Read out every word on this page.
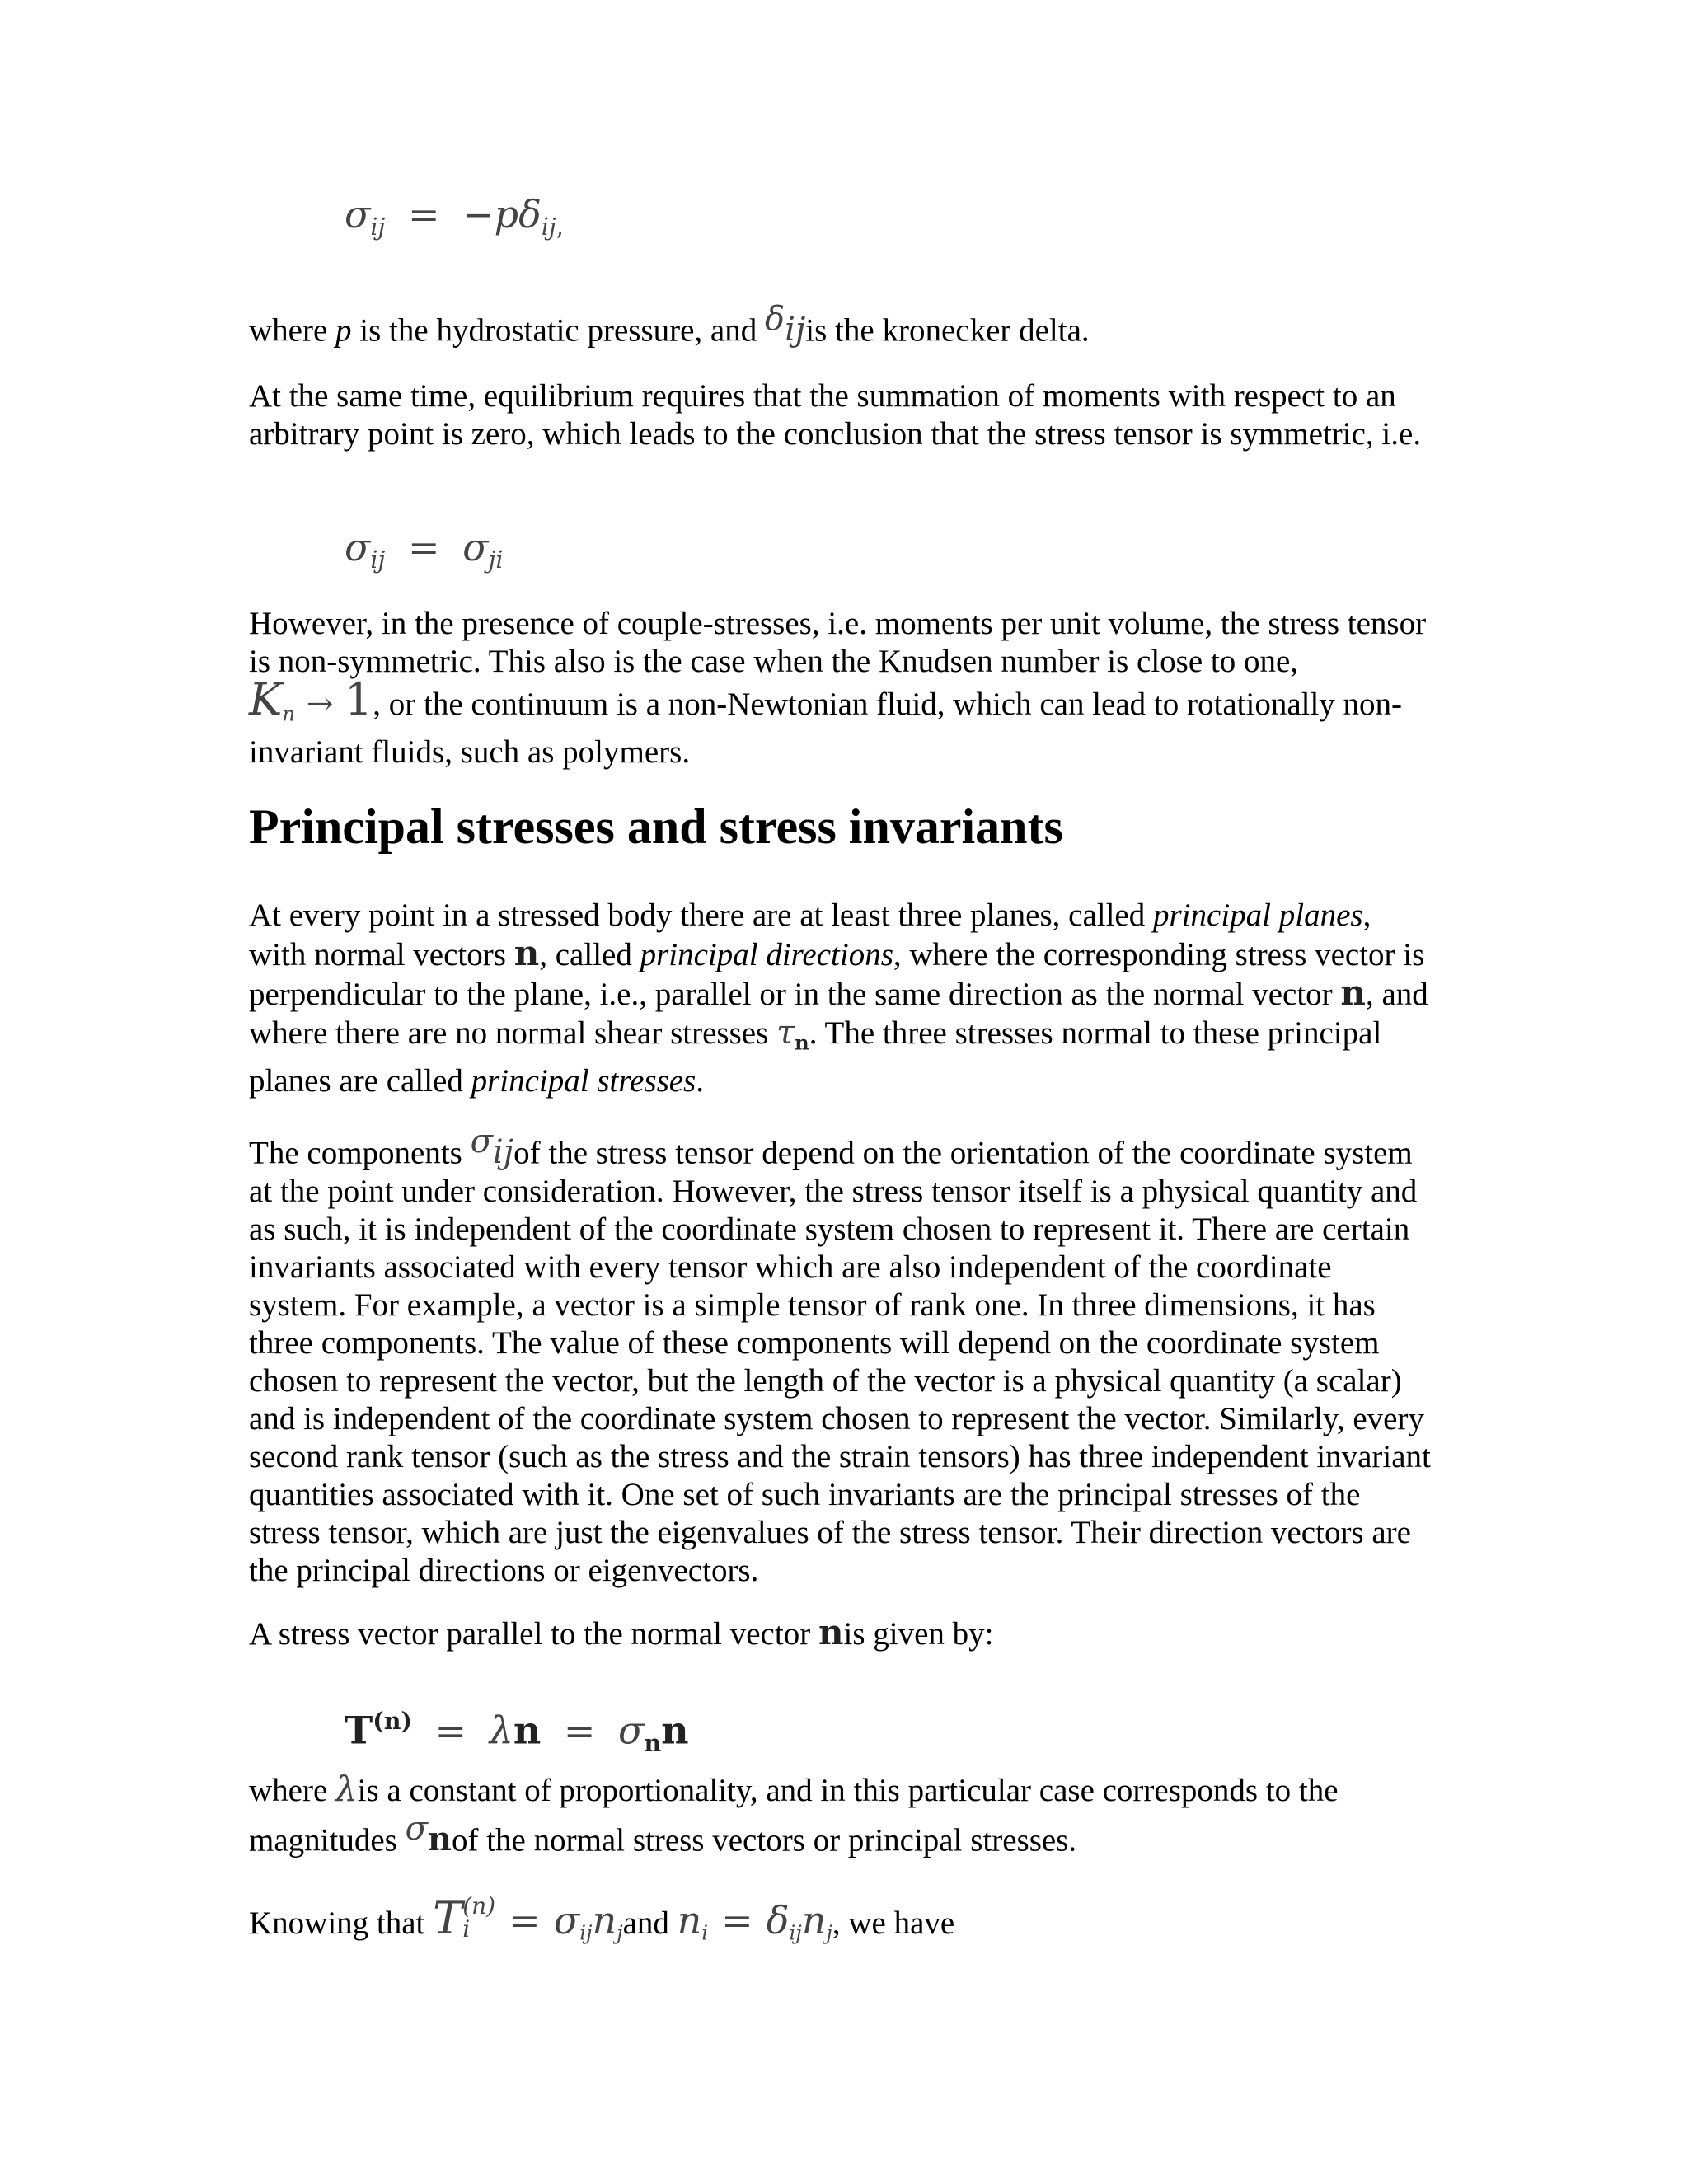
$\sigma_{ij} = -p\delta_{ij,}$

where p is the hydrostatic pressure, and δijis the kronecker delta.

At the same time, equilibrium requires that the summation of moments with respect to an arbitrary point is zero, which leads to the conclusion that the stress tensor is symmetric, i.e.

$\sigma_{ij} = \sigma_{ji}$

However, in the presence of couple-stresses, i.e. moments per unit volume, the stress tensor is non-symmetric. This also is the case when the Knudsen number is close to one, $K_n \to 1$, or the continuum is a non-Newtonian fluid, which can lead to rotationally non-invariant fluids, such as polymers.

Principal stresses and stress invariants

At every point in a stressed body there are at least three planes, called principal planes, with normal vectors n, called principal directions, where the corresponding stress vector is perpendicular to the plane, i.e., parallel or in the same direction as the normal vector n, and where there are no normal shear stresses $\tau_n$. The three stresses normal to these principal planes are called principal stresses.

The components σijof the stress tensor depend on the orientation of the coordinate system at the point under consideration. However, the stress tensor itself is a physical quantity and as such, it is independent of the coordinate system chosen to represent it. There are certain invariants associated with every tensor which are also independent of the coordinate system. For example, a vector is a simple tensor of rank one. In three dimensions, it has three components. The value of these components will depend on the coordinate system chosen to represent the vector, but the length of the vector is a physical quantity (a scalar) and is independent of the coordinate system chosen to represent the vector. Similarly, every second rank tensor (such as the stress and the strain tensors) has three independent invariant quantities associated with it. One set of such invariants are the principal stresses of the stress tensor, which are just the eigenvalues of the stress tensor. Their direction vectors are the principal directions or eigenvectors.

A stress vector parallel to the normal vector nis given by:

$T^{(n)} = \lambda n = \sigma_nn$

where λis a constant of proportionality, and in this particular case corresponds to the magnitudes σnof the normal stress vectors or principal stresses.

Knowing that T (n)
i	= $\sigma_{ij}n_jand$ $n_i = \delta_{ij}n_j$, we have
